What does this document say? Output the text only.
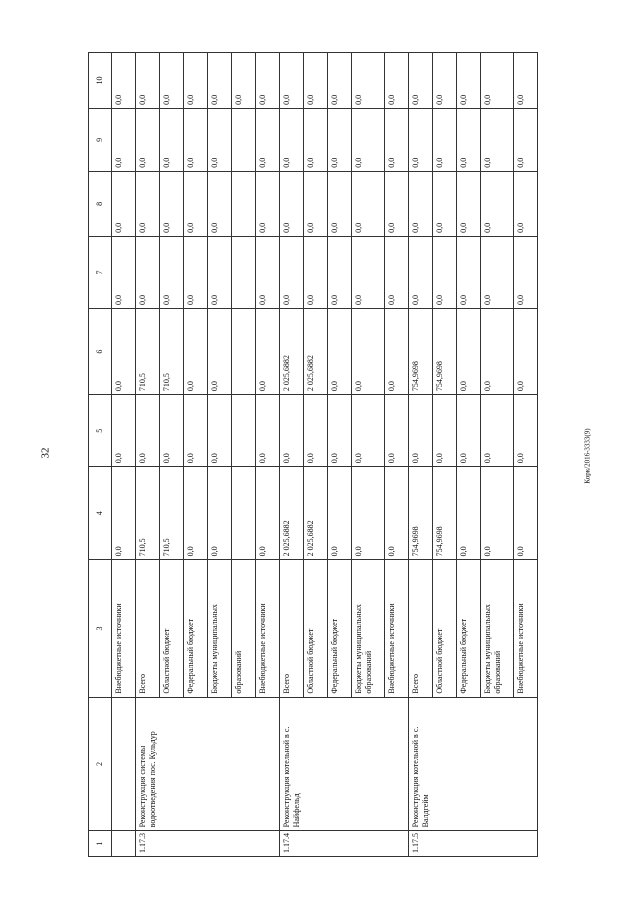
32	Корк/2016-3333(9)
1	2	3	4	5	6	7	8	9	10
		Внебюджетные источники	0,0	0,0	0,0	0,0	0,0	0,0	0,0
1.17.3	Реконструкция системы водоотведения пос. Кульдур	Всего	710,5	0,0	710,5	0,0	0,0	0,0	0,0
		Областной бюджет	710,5	0,0	710,5	0,0	0,0	0,0	0,0
		Федеральный бюджет	0,0	0,0	0,0	0,0	0,0	0,0	0,0
		Бюджеты муниципальных	0,0	0,0	0,0	0,0	0,0	0,0	0,0
		образований							0,0
		Внебюджетные источники	0,0	0,0	0,0	0,0	0,0	0,0	0,0
1.17.4	Реконструкция котельной в с. Найфельд	Всего	2 025,6882	0,0	2 025,6882	0,0	0,0	0,0	0,0
		Областной бюджет	2 025,6882	0,0	2 025,6882	0,0	0,0	0,0	0,0
		Федеральный бюджет	0,0	0,0	0,0	0,0	0,0	0,0	0,0
		Бюджеты муниципальных образований	0,0	0,0	0,0	0,0	0,0	0,0	0,0
		Внебюджетные источники	0,0	0,0	0,0	0,0	0,0	0,0	0,0
1.17.5	Реконструкция котельной в с. Валдгейм	Всего	754,9698	0,0	754,9698	0,0	0,0	0,0	0,0
		Областной бюджет	754,9698	0,0	754,9698	0,0	0,0	0,0	0,0
		Федеральный бюджет	0,0	0,0	0,0	0,0	0,0	0,0	0,0
		Бюджеты муниципальных образований	0,0	0,0	0,0	0,0	0,0	0,0	0,0
		Внебюджетные источники	0,0	0,0	0,0	0,0	0,0	0,0	0,0
